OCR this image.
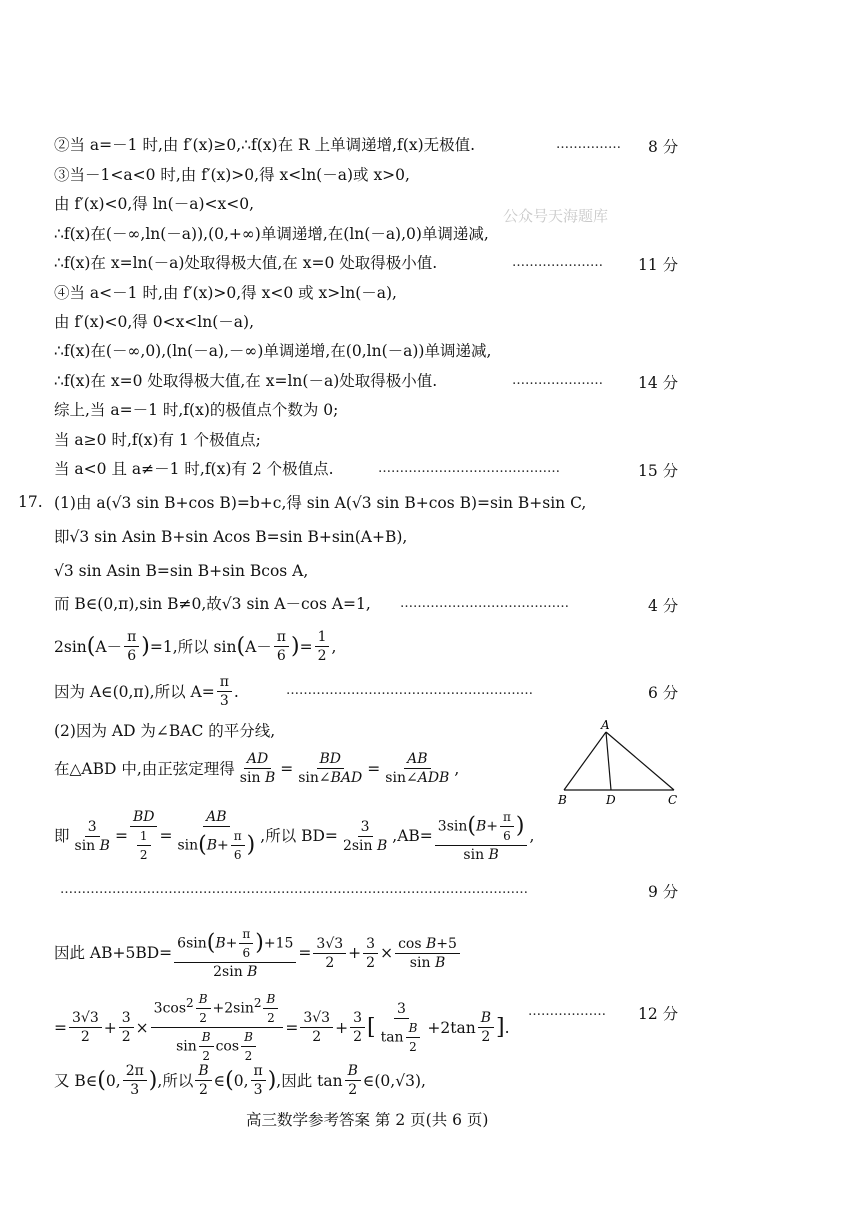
公众号天海题库
②当 a=－1 时,由 f′(x)≥0,∴f(x)在 R 上单调递增,f(x)无极值.	…………… 8 分
③当－1<a<0 时,由 f′(x)>0,得 x<ln(－a)或 x>0,
由 f′(x)<0,得 ln(－a)<x<0,
∴f(x)在(－∞,ln(－a)),(0,+∞)单调递增,在(ln(－a),0)单调递减,
∴f(x)在 x=ln(－a)处取得极大值,在 x=0 处取得极小值.	………………… 11 分
④当 a<－1 时,由 f′(x)>0,得 x<0 或 x>ln(－a),
由 f′(x)<0,得 0<x<ln(－a),
∴f(x)在(－∞,0),(ln(－a),－∞)单调递增,在(0,ln(－a))单调递减,
∴f(x)在 x=0 处取得极大值,在 x=ln(－a)处取得极小值.	………………… 14 分
综上,当 a=－1 时,f(x)的极值点个数为 0;
当 a≥0 时,f(x)有 1 个极值点;
当 a<0 且 a≠－1 时,f(x)有 2 个极值点.	……………………………………	15 分
17. (1)由 a(√3 sin B+cos B)=b+c,得 sin A(√3 sin B+cos B)=sin B+sin C,
即√3 sin Asin B+sin Acos B=sin B+sin(A+B),
√3 sin Asin B=sin B+sin Bcos A,
而 B∈(0,π),sin B≠0,故√3 sin A－cos A=1, …………………………………	4 分
2sin ( $A- \frac{\pi}{6}$ ) =1,所以 sin ( $A- \frac{\pi}{6}$ ) = $\frac{1}{2}$ ,
因为 A∈(0,π),所以 $A= \frac{\pi}{3}$ .	…………………………………………………	6 分
(2)因为 AD 为∠BAC 的平分线,	A
B	D	C
在△ABD 中,由正弦定理得 $\frac{AD}{\text{sin B}} = \frac{BD}{\text{sin∠BAD}} = \frac{AB}{\text{sin∠ADB}}$ ,
即 $\frac{3}{\text{sin B}} = \frac{BD}{\frac{1}{2}} = \frac{AB}{\sin(B+ \frac{\pi}{6} )}$ ,所以 $BD= \frac{3}{\text{2sin B}} ,AB= \frac{3\sin(B+ \frac{\pi}{6} )}{\text{sin B}}$ ,
………………………………………………………………………………………………	9 分
因此 $AB+5BD= \frac{6\sin(B+ \frac{\pi}{6} )+15}{\text{2sin B}} = \frac{3√3}{2} + \frac{3}{2} \times \frac{\text{cos B+5}}{\text{sin B}}$
= $\frac{3√3}{2} + \frac{3}{2} \times \frac{3\cos^2 \frac{B}{2} +2\sin^2 \frac{B}{2}}{\sin \frac{B}{2} \cos \frac{B}{2}} = \frac{3√3}{2} + \frac{3}{2}$ [ $\frac{3}{\tan \frac{B}{2}} +2\tan \frac{B}{2}$ ] .
……………… 12 分
又 B∈ ( 0, $\frac{2\pi}{3}$ ) ,所以 $\frac{B}{2}$ ∈ ( 0, $\frac{\pi}{3}$ ) ,因此 $\tan \frac{B}{2}$ ∈(0,√3),
高三数学参考答案 第 2 页(共 6 页)
